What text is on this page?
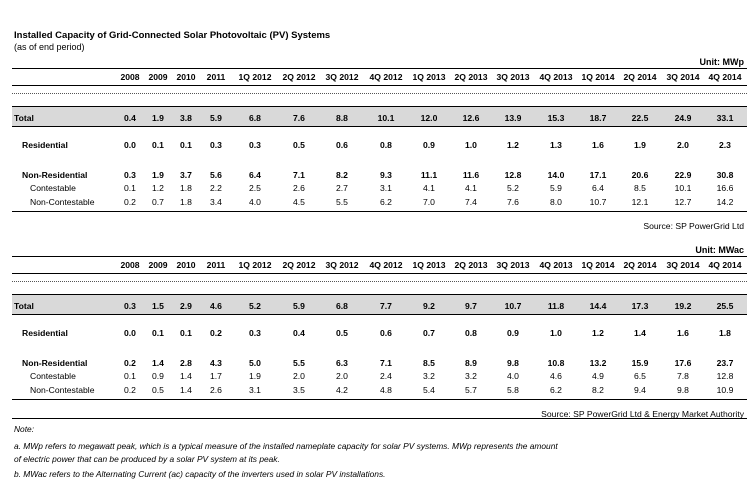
Installed Capacity of Grid-Connected Solar Photovoltaic (PV) Systems
(as of end period)
Unit: MWp
2008	2009	2010	2011	1Q 2012	2Q 2012	3Q 2012	4Q 2012	1Q 2013	2Q 2013	3Q 2013	4Q 2013	1Q 2014	2Q 2014	3Q 2014	4Q 2014
Total	0.4	1.9	3.8	5.9	6.8	7.6	8.8	10.1	12.0	12.6	13.9	15.3	18.7	22.5	24.9	33.1
Residential	0.0	0.1	0.1	0.3	0.3	0.5	0.6	0.8	0.9	1.0	1.2	1.3	1.6	1.9	2.0	2.3
Non-Residential	0.3	1.9	3.7	5.6	6.4	7.1	8.2	9.3	11.1	11.6	12.8	14.0	17.1	20.6	22.9	30.8
Contestable	0.1	1.2	1.8	2.2	2.5	2.6	2.7	3.1	4.1	4.1	5.2	5.9	6.4	8.5	10.1	16.6
Non-Contestable	0.2	0.7	1.8	3.4	4.0	4.5	5.5	6.2	7.0	7.4	7.6	8.0	10.7	12.1	12.7	14.2
Source: SP PowerGrid Ltd
Unit: MWac
2008	2009	2010	2011	1Q 2012	2Q 2012	3Q 2012	4Q 2012	1Q 2013	2Q 2013	3Q 2013	4Q 2013	1Q 2014	2Q 2014	3Q 2014	4Q 2014
Total	0.3	1.5	2.9	4.6	5.2	5.9	6.8	7.7	9.2	9.7	10.7	11.8	14.4	17.3	19.2	25.5
Residential	0.0	0.1	0.1	0.2	0.3	0.4	0.5	0.6	0.7	0.8	0.9	1.0	1.2	1.4	1.6	1.8
Non-Residential	0.2	1.4	2.8	4.3	5.0	5.5	6.3	7.1	8.5	8.9	9.8	10.8	13.2	15.9	17.6	23.7
Contestable	0.1	0.9	1.4	1.7	1.9	2.0	2.0	2.4	3.2	3.2	4.0	4.6	4.9	6.5	7.8	12.8
Non-Contestable	0.2	0.5	1.4	2.6	3.1	3.5	4.2	4.8	5.4	5.7	5.8	6.2	8.2	9.4	9.8	10.9
Source: SP PowerGrid Ltd & Energy Market Authority
Note:
a. MWp refers to megawatt peak, which is a typical measure of the installed nameplate capacity for solar PV systems. MWp represents the amount
of electric power that can be produced by a solar PV system at its peak.
b. MWac refers to the Alternating Current (ac) capacity of the inverters used in solar PV installations.
